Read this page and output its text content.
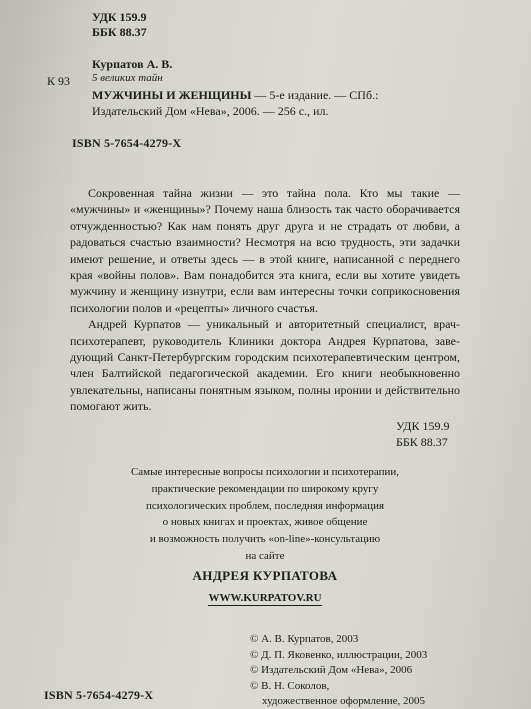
УДК 159.9
ББК 88.37
Курпатов А. В.
К 93 5 великих тайн
МУЖЧИНЫ И ЖЕНЩИНЫ — 5-е издание. — СПб.:
Издательский Дом «Нева», 2006. — 256 с., ил.
ISBN 5-7654-4279-X

Сокровенная тайна жизни — это тайна пола. Кто мы такие — «мужчины» и «женщины»? Почему наша близость так часто оборачивается отчужденностью? Как нам понять друг друга и не страдать от любви, а радоваться счастью взаимности? Несмотря на всю трудность, эти задачки имеют решение, и ответы здесь — в этой книге, написанной с переднего края «войны полов». Вам понадобится эта книга, если вы хотите увидеть мужчину и женщину изнутри, если вам интересны точки соприкосновения психологии полов и «рецепты» личного счастья.

Андрей Курпатов — уникальный и авторитетный специалист, врач-психотерапевт, руководитель Клиники доктора Андрея Курпатова, заведующий Санкт-Петербургским городским психотерапевтическим центром, член Балтийской педагогической академии. Его книги необыкновенно увлекательны, написаны понятным языком, полны иронии и действительно помогают жить.

УДК 159.9
ББК 88.37
Самые интересные вопросы психологии и психотерапии,
практические рекомендации по широкому кругу
психологических проблем, последняя информация
о новых книгах и проектах, живое общение
и возможность получить «on-line»-консультацию
на сайте
АНДРЕЯ КУРПАТОВА
WWW.KURPATOV.RU
© А. В. Курпатов, 2003
© Д. П. Яковенко, иллюстрации, 2003
© Издательский Дом «Нева», 2006
© В. Н. Соколов,
художественное оформление, 2005
ISBN 5-7654-4279-X
